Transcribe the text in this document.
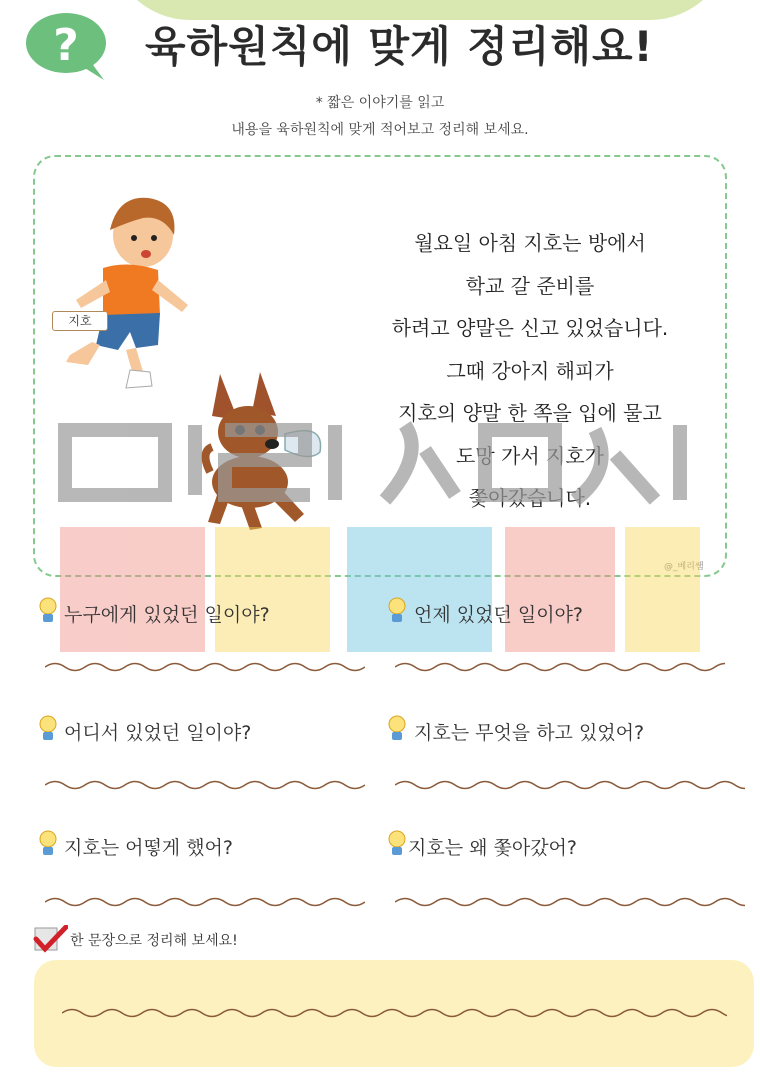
? 육하원칙에 맞게 정리해요!
* 짧은 이야기를 읽고
내용을 육하원칙에 맞게 적어보고 정리해 보세요.
지호
월요일 아침 지호는 방에서
학교 갈 준비를
하려고 양말은 신고 있었습니다.
그때 강아지 해피가
지호의 양말 한 쪽을 입에 물고
도망 가서 지호가
쫓아갔습니다.
@_베리쌤
누구에게 있었던 일이야?	언제 있었던 일이야?
어디서 있었던 일이야?	지호는 무엇을 하고 있었어?
지호는 어떻게 했어?	지호는 왜 쫓아갔어?
한 문장으로 정리해 보세요!
